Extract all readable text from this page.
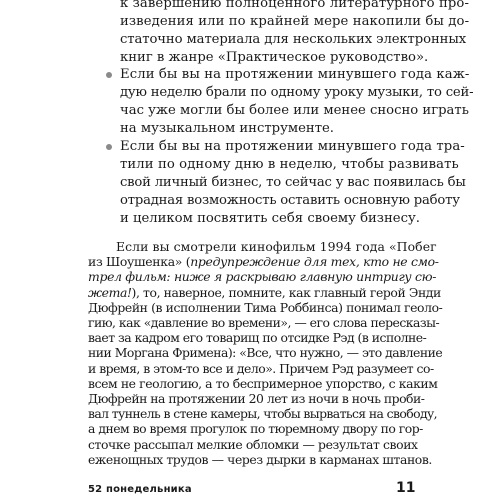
к завершению полноценного литературного про-

изведения или по крайней мере накопили бы до-

статочно материала для нескольких электронных

книг в жанре «Практическое руководство».

Если бы вы на протяжении минувшего года каж-

дую неделю брали по одному уроку музыки, то сей-

час уже могли бы более или менее сносно играть

на музыкальном инструменте.

Если бы вы на протяжении минувшего года тра-

тили по одному дню в неделю, чтобы развивать

свой личный бизнес, то сейчас у вас появилась бы

отрадная возможность оставить основную работу

и целиком посвятить себя своему бизнесу.

Если вы смотрели кинофильм 1994 года «Побег

из Шоушенка» (предупреждение для тех, кто не смо-

трел фильм: ниже я раскрываю главную интригу сю-

жета!), то, наверное, помните, как главный герой Энди

Дюфрейн (в исполнении Тима Роббинса) понимал геоло-

гию, как «давление во времени», — его слова пересказы-

вает за кадром его товарищ по отсидке Рэд (в исполне-

нии Моргана Фримена): «Все, что нужно, — это давление

и время, в этом-то все и дело». Причем Рэд разумеет со-

всем не геологию, а то беспримерное упорство, с каким

Дюфрейн на протяжении 20 лет из ночи в ночь проби-

вал туннель в стене камеры, чтобы вырваться на свободу,

а днем во время прогулок по тюремному двору по гор-

52 понедельника	11

сточке рассыпал мелкие обломки — результат своих

еженощных трудов — через дырки в карманах штанов.
